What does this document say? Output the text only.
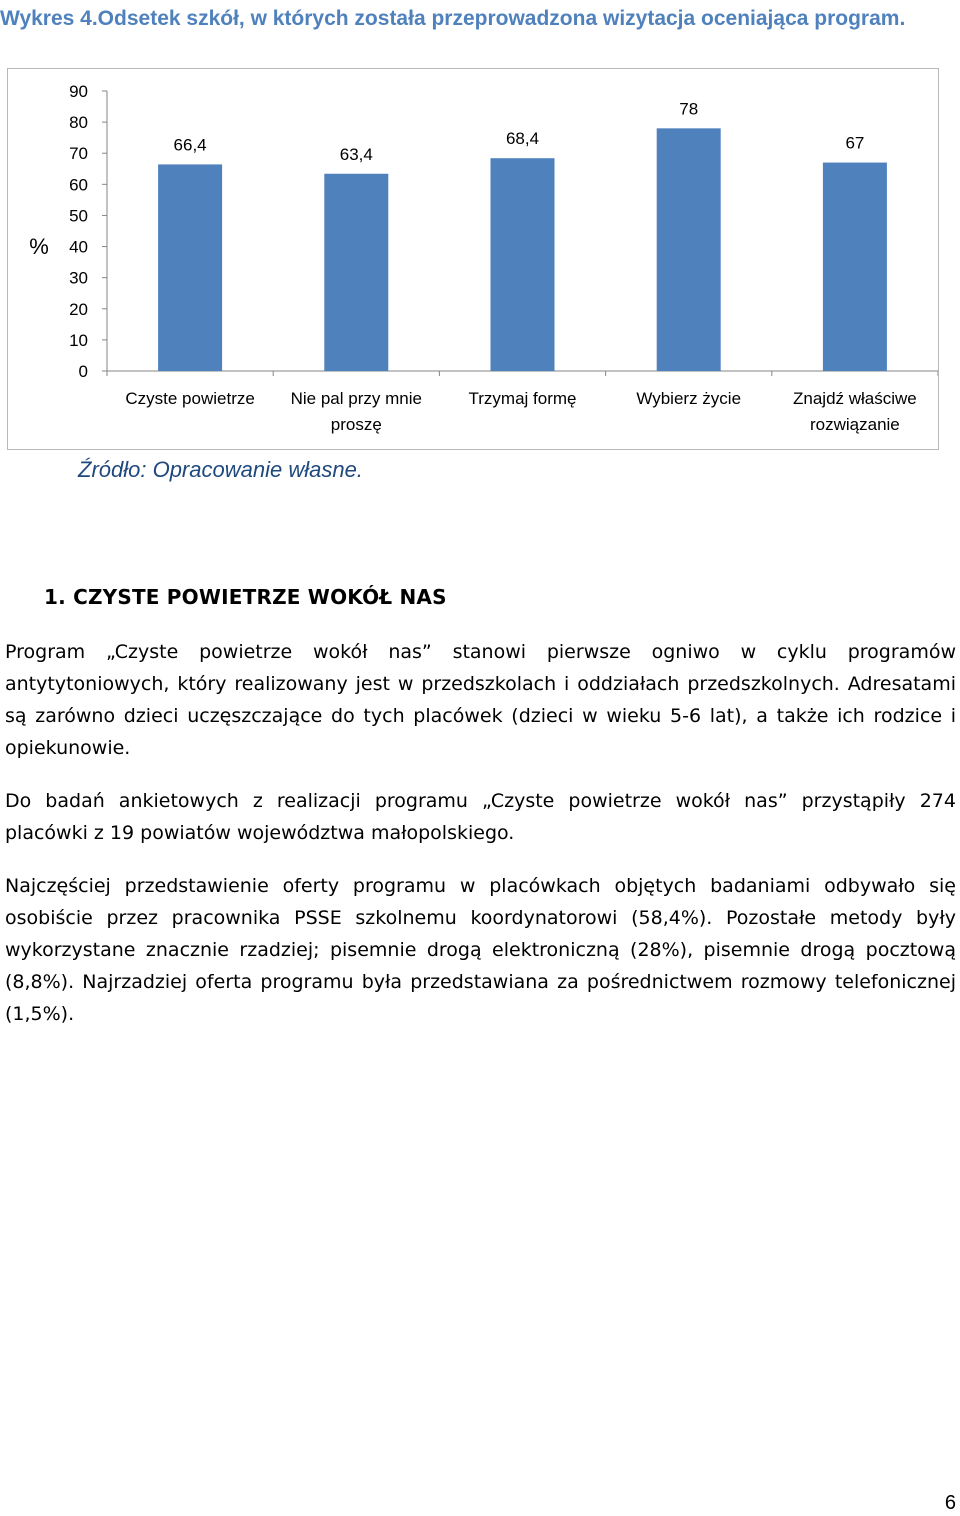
Wykres 4.Odsetek szkół, w których została przeprowadzona wizytacja oceniająca program.
0
10
20
30
40
50
60
70
80
90
%
66,4	63,4
68,4
78
67
Czyste powietrze	Nie pal przy mnie proszę
Trzymaj formę	Wybierz życie	Znajdź właściwe rozwiązanie
Źródło: Opracowanie własne.
1. CZYSTE POWIETRZE WOKÓŁ NAS

Program „Czyste powietrze wokół nas” stanowi pierwsze ogniwo w cyklu programów antytytoniowych, który realizowany jest w przedszkolach i oddziałach przedszkolnych. Adresatami są zarówno dzieci uczęszczające do tych placówek (dzieci w wieku 5-6 lat), a także ich rodzice i opiekunowie.

Do badań ankietowych z realizacji programu „Czyste powietrze wokół nas” przystąpiły 274 placówki z 19 powiatów województwa małopolskiego.

Najczęściej przedstawienie oferty programu w placówkach objętych badaniami odbywało się osobiście przez pracownika PSSE szkolnemu koordynatorowi (58,4%). Pozostałe metody były wykorzystane znacznie rzadziej; pisemnie drogą elektroniczną (28%), pisemnie drogą pocztową (8,8%). Najrzadziej oferta programu była przedstawiana za pośrednictwem rozmowy telefonicznej (1,5%).

6
